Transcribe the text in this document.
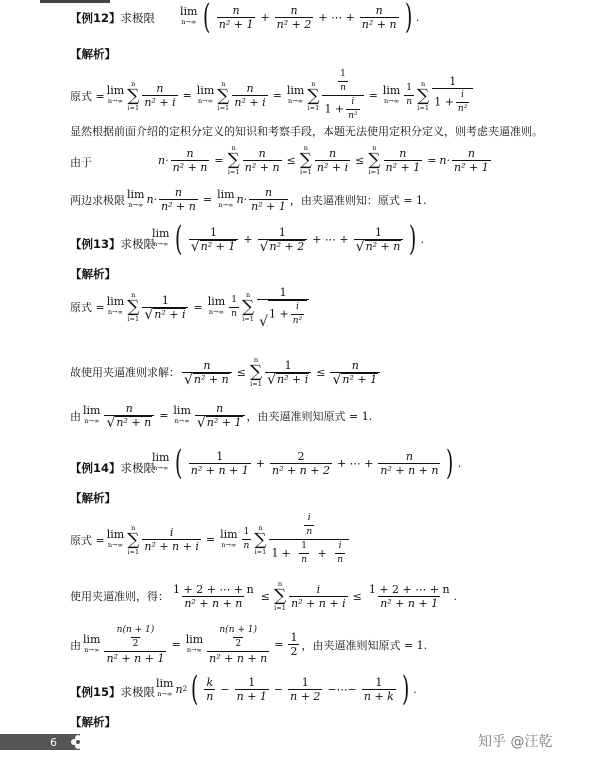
【例12】求极限 lim
n→∞ ( $\frac{n}{\text{n² + 1}} + \frac{n}{\text{n² + 2}}$ + ⋯ + $\frac{n}{\text{n² + n}}$ ) .
【解析】
原式 = lim
n→∞
n
∑
$i=1 \frac{n}{\text{n² + i}} = \lim$
n→∞
n
∑
$i=1 \frac{n}{\text{n² + i}} = \lim$
n→∞
n
∑
$i=1 \frac{\frac{1}{n}}{1 + \frac{i}{\text{n²}}} = \lim$
$n\to\infty \frac{1}{n}$ n
∑
$i=1 \frac{1}{1 + \frac{i}{\text{n²}}}$
显然根据前面介绍的定积分定义的知识和考察手段，本题无法使用定积分定义，则考虑夹逼准则。
由于	$n\cdot \frac{n}{\text{n² + n}}$ =
n
∑
$i=1 \frac{n}{\text{n² + n}}$ ≤
n
∑
$i=1 \frac{n}{\text{n² + i}}$ ≤
n
∑
$i=1 \frac{n}{\text{n² + 1}} = n\cdot \frac{n}{\text{n² + 1}}$
两边求极限 lim
n→∞ $n\cdot \frac{n}{\text{n² + n}} = \lim$
n→∞ $n\cdot \frac{n}{\text{n² + 1}}$ ，由夹逼准则知：原式 = 1.
【例13】求极限
lim
n→∞ ( $\frac{1}{\text{√ n² + 1}} + \frac{1}{\text{√ n² + 2}}$ + ⋯ + $\frac{1}{\text{√ n² + n}}$ ) .
【解析】
原式 = lim
n→∞
n
∑
$i=1 \frac{1}{\text{√ n² + i}} = \lim$
$n\to\infty \frac{1}{n}$ n
∑
$i=1 \frac{1}{√ 1 + \frac{i}{\text{n²}}}$
故使用夹逼准则求解： $\frac{n}{\text{√ n² + n}}$ ≤
n
∑
$i=1 \frac{1}{\text{√ n² + i}} \le \frac{n}{\text{√ n² + 1}}$
由 lim
$n\to\infty \frac{n}{\text{√ n² + n}} = \lim$
$n\to\infty \frac{n}{\text{√ n² + 1}}$ ，由夹逼准则知原式 = 1.
【例14】求极限
lim
n→∞ ( $\frac{1}{\text{n² + n + 1}} + \frac{2}{\text{n² + n + 2}}$ + ⋯ + $\frac{n}{\text{n² + n + n}}$ ) .
【解析】
原式 = lim
n→∞
n
∑
$i=1 \frac{i}{\text{n² + n + i}} = \lim$
$n\to\infty \frac{1}{n}$ n
∑
$i=1 \frac{\frac{i}{n}}{1 + \frac{1}{n} + \frac{i}{n}}$
使用夹逼准则，得： $\frac{1 + 2 + \cdots + n}{\text{n² + n + n}}$ ≤
n
∑
$i=1 \frac{i}{\text{n² + n + i}} \le \frac{1 + 2 + \cdots + n}{\text{n² + n + 1}}$ .
由 lim
$n\to\infty \frac{\frac{n(n + 1)}{2}}{\text{n² + n + 1}} = \lim$
$n\to\infty \frac{\frac{n(n + 1)}{2}}{\text{n² + n + n}} = \frac{1}{2}$ ，由夹逼准则知原式 = 1.
【例15】求极限
lim
n→∞ n 2 ( $\frac{k}{n} - \frac{1}{n + 1} - \frac{1}{n + 2}$ −⋯− $\frac{1}{n + k}$ ) .
【解析】
6	知乎 @汪乾
